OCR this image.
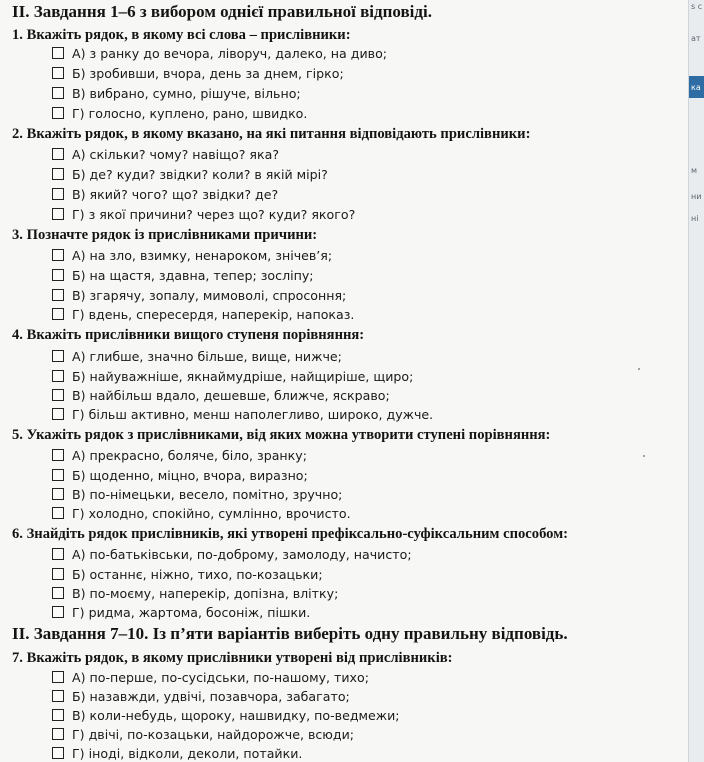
II. Завдання 1–6 з вибором однієї правильної відповіді.
1. Вкажіть рядок, в якому всі слова – прислівники:
А) з ранку до вечора, ліворуч, далеко, на диво;
Б) зробивши, вчора, день за днем, гірко;
В) вибрано, сумно, рішуче, вільно;
Г) голосно, куплено, рано, швидко.
2. Вкажіть рядок, в якому вказано, на які питання відповідають прислівники:
А) скільки? чому? навіщо? яка?
Б) де? куди? звідки? коли? в якій мірі?
В) який? чого? що? звідки? де?
Г) з якої причини? через що? куди? якого?
3. Позначте рядок із прислівниками причини:
А) на зло, взимку, ненароком, знічев’я;
Б) на щастя, здавна, тепер; зосліпу;
В) згарячу, зопалу, мимоволі, спросоння;
Г) вдень, спересердя, наперекір, напоказ.
4. Вкажіть прислівники вищого ступеня порівняння:
А) глибше, значно більше, вище, нижче;
Б) найуважніше, якнаймудріше, найщиріше, щиро;
В) найбільш вдало, дешевше, ближче, яскраво;
Г) більш активно, менш наполегливо, широко, дужче.
5. Укажіть рядок з прислівниками, від яких можна утворити ступені порівняння:
А) прекрасно, боляче, біло, зранку;
Б) щоденно, міцно, вчора, виразно;
В) по-німецьки, весело, помітно, зручно;
Г) холодно, спокійно, сумлінно, врочисто.
6. Знайдіть рядок прислівників, які утворені префіксально-суфіксальним способом:
А) по-батьківськи, по-доброму, замолоду, начисто;
Б) останнє, ніжно, тихо, по-козацьки;
В) по-моєму, наперекір, допізна, влітку;
Г) ридма, жартома, босоніж, пішки.
II. Завдання 7–10. Із п’яти варіантів виберіть одну правильну відповідь.
7. Вкажіть рядок, в якому прислівники утворені від прислівників:
А) по-перше, по-сусідськи, по-нашому, тихо;
Б) назавжди, удвічі, позавчора, забагато;
В) коли-небудь, щороку, нашвидку, по-ведмежи;
Г) двічі, по-козацьки, найдорожче, всюди;
Г) іноді, відколи, деколи, потайки.
s c
ат
ка
м
ни
ні
